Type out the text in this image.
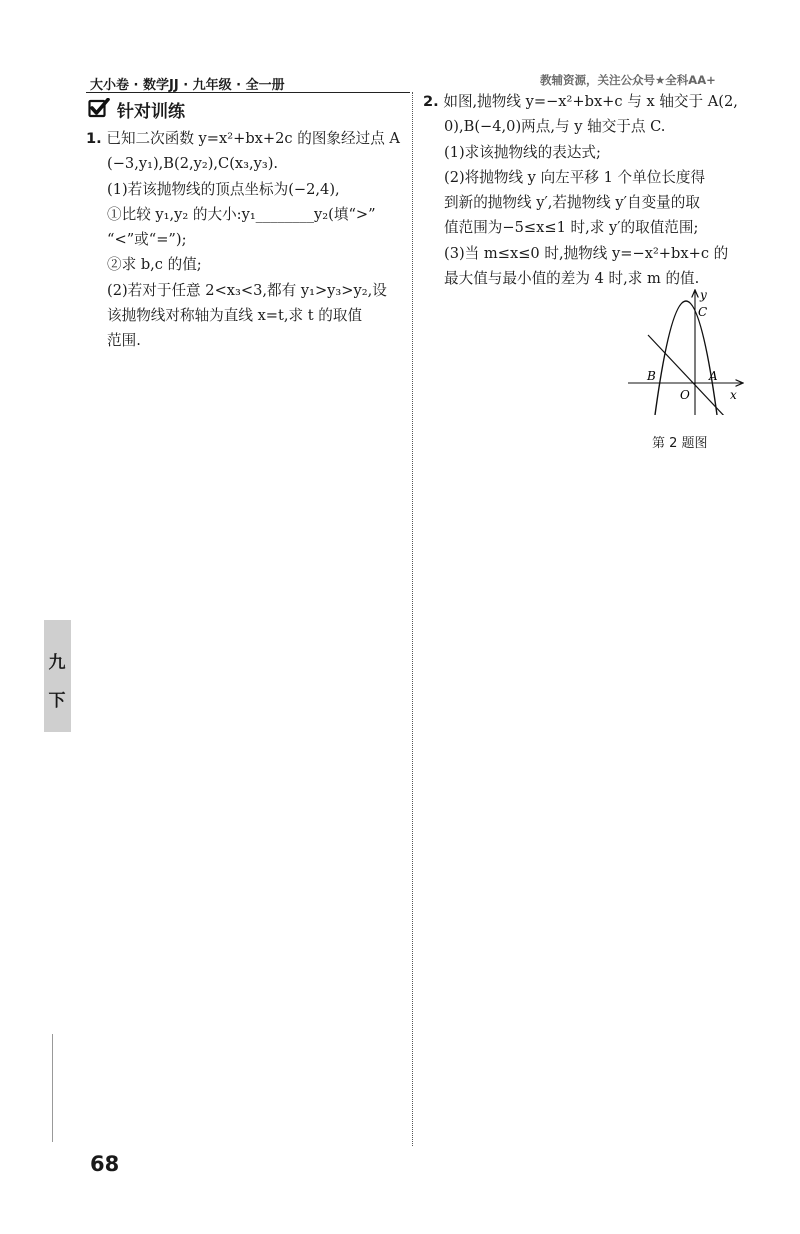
大小卷 · 数学JJ · 九年级 · 全一册	教辅资源，关注公众号★全科AA+
针对训练
1. 已知二次函数 y=x²+bx+2c 的图象经过点 A
(−3,y₁),B(2,y₂),C(x₃,y₃).
(1)若该抛物线的顶点坐标为(−2,4),
①比较 y₁,y₂ 的大小:y₁________y₂(填“>”
“<”或“=”);
②求 b,c 的值;
(2)若对于任意 2<x₃<3,都有 y₁>y₃>y₂,设
该抛物线对称轴为直线 x=t,求 t 的取值
范围.
2. 如图,抛物线 y=−x²+bx+c 与 x 轴交于 A(2,
0),B(−4,0)两点,与 y 轴交于点 C.
(1)求该抛物线的表达式;
(2)将抛物线 y 向左平移 1 个单位长度得
到新的抛物线 y′,若抛物线 y′自变量的取
值范围为−5≤x≤1 时,求 y′的取值范围;
(3)当 m≤x≤0 时,抛物线 y=−x²+bx+c 的
最大值与最小值的差为 4 时,求 m 的值.
y
x
O
A
B
C
第 2 题图
九
下
68
